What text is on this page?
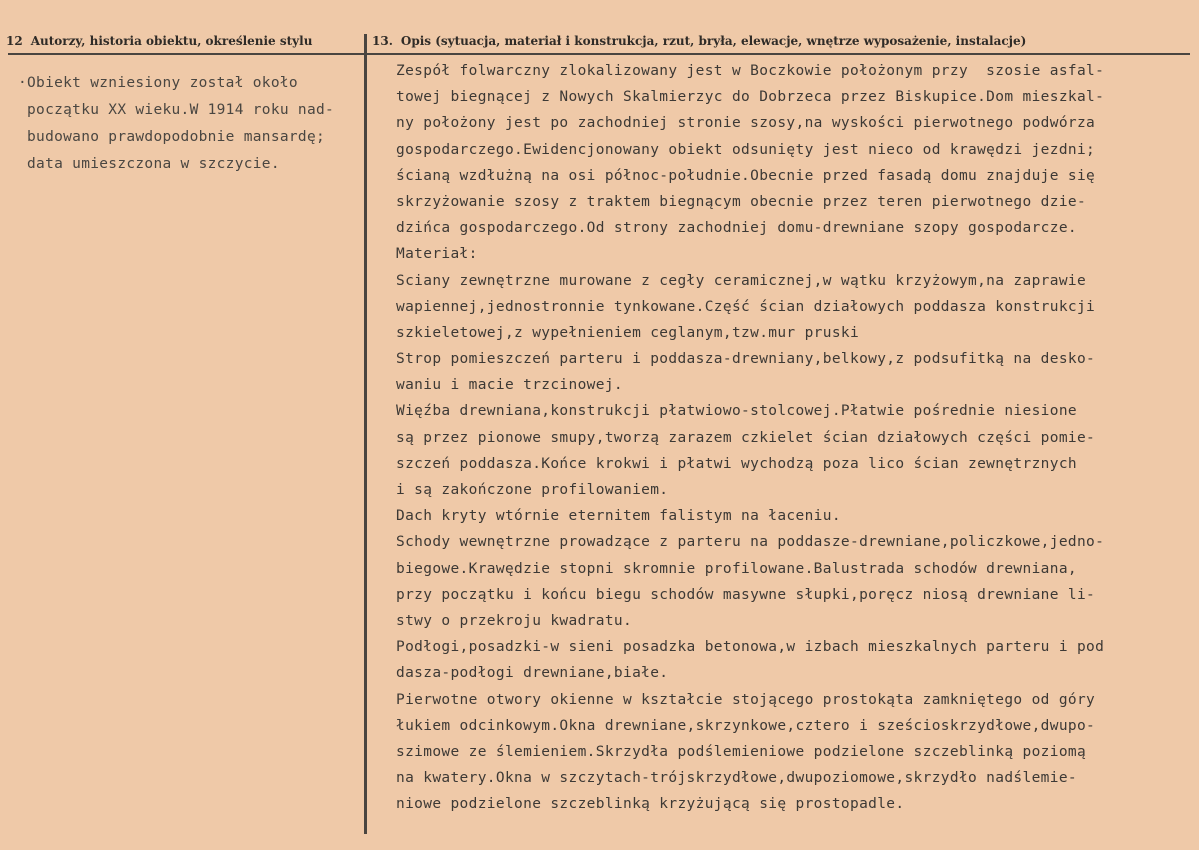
12 Autorzy, historia obiektu, określenie stylu	13. Opis (sytuacja, materiał i konstrukcja, rzut, bryła, elewacje, wnętrze wyposażenie, instalacje)
·Obiekt wzniesiony został około
początku XX wieku.W 1914 roku nad-
budowano prawdopodobnie mansardę;
data umieszczona w szczycie.
Zespół folwarczny zlokalizowany jest w Boczkowie położonym przy  szosie asfal-
towej biegnącej z Nowych Skalmierzyc do Dobrzeca przez Biskupice.Dom mieszkal-
ny położony jest po zachodniej stronie szosy,na wyskości pierwotnego podwórza
gospodarczego.Ewidencjonowany obiekt odsunięty jest nieco od krawędzi jezdni;
ścianą wzdłużną na osi północ-południe.Obecnie przed fasadą domu znajduje się
skrzyżowanie szosy z traktem biegnącym obecnie przez teren pierwotnego dzie-
dzińca gospodarczego.Od strony zachodniej domu-drewniane szopy gospodarcze.
Materiał:
Sciany zewnętrzne murowane z cegły ceramicznej,w wątku krzyżowym,na zaprawie
wapiennej,jednostronnie tynkowane.Część ścian działowych poddasza konstrukcji
szkieletowej,z wypełnieniem ceglanym,tzw.mur pruski
Strop pomieszczeń parteru i poddasza-drewniany,belkowy,z podsufitką na desko-
waniu i macie trzcinowej.
Więźba drewniana,konstrukcji płatwiowo-stolcowej.Płatwie pośrednie niesione
są przez pionowe smupy,tworzą zarazem czkielet ścian działowych części pomie-
szczeń poddasza.Końce krokwi i płatwi wychodzą poza lico ścian zewnętrznych
i są zakończone profilowaniem.
Dach kryty wtórnie eternitem falistym na łaceniu.
Schody wewnętrzne prowadzące z parteru na poddasze-drewniane,policzkowe,jedno-
biegowe.Krawędzie stopni skromnie profilowane.Balustrada schodów drewniana,
przy początku i końcu biegu schodów masywne słupki,poręcz niosą drewniane li-
stwy o przekroju kwadratu.
Podłogi,posadzki-w sieni posadzka betonowa,w izbach mieszkalnych parteru i pod
dasza-podłogi drewniane,białe.
Pierwotne otwory okienne w kształcie stojącego prostokąta zamkniętego od góry
łukiem odcinkowym.Okna drewniane,skrzynkowe,cztero i sześcioskrzydłowe,dwupo-
szimowe ze ślemieniem.Skrzydła podślemieniowe podzielone szczeblinką poziomą
na kwatery.Okna w szczytach-trójskrzydłowe,dwupoziomowe,skrzydło nadślemie-
niowe podzielone szczeblinką krzyżującą się prostopadle.
